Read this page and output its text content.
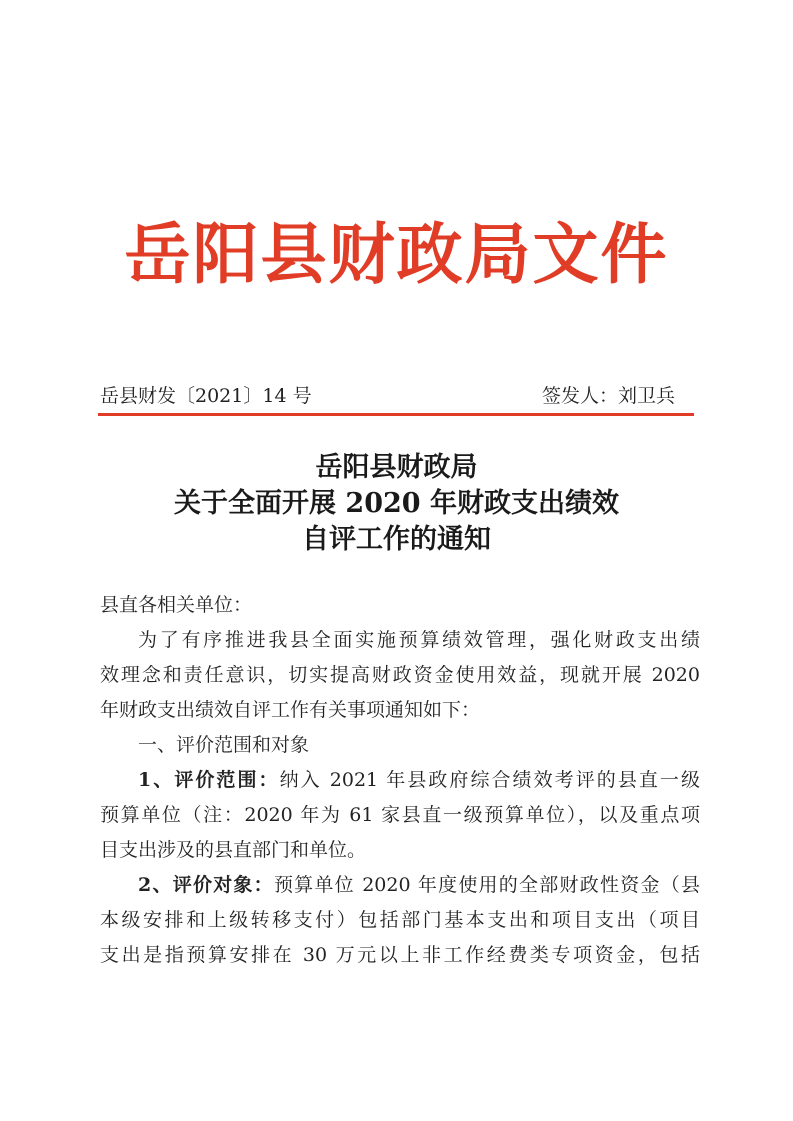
岳阳县财政局文件
岳县财发〔2021〕14 号	签发人：刘卫兵
岳阳县财政局
关于全面开展 2020 年财政支出绩效
自评工作的通知
县直各相关单位：
为了有序推进我县全面实施预算绩效管理，强化财政支出绩
效理念和责任意识，切实提高财政资金使用效益，现就开展 2020
年财政支出绩效自评工作有关事项通知如下：
一、评价范围和对象
1、评价范围：纳入 2021 年县政府综合绩效考评的县直一级
预算单位（注：2020 年为 61 家县直一级预算单位），以及重点项
目支出涉及的县直部门和单位。
2、评价对象：预算单位 2020 年度使用的全部财政性资金（县
本级安排和上级转移支付）包括部门基本支出和项目支出（项目
支出是指预算安排在 30 万元以上非工作经费类专项资金，包括
